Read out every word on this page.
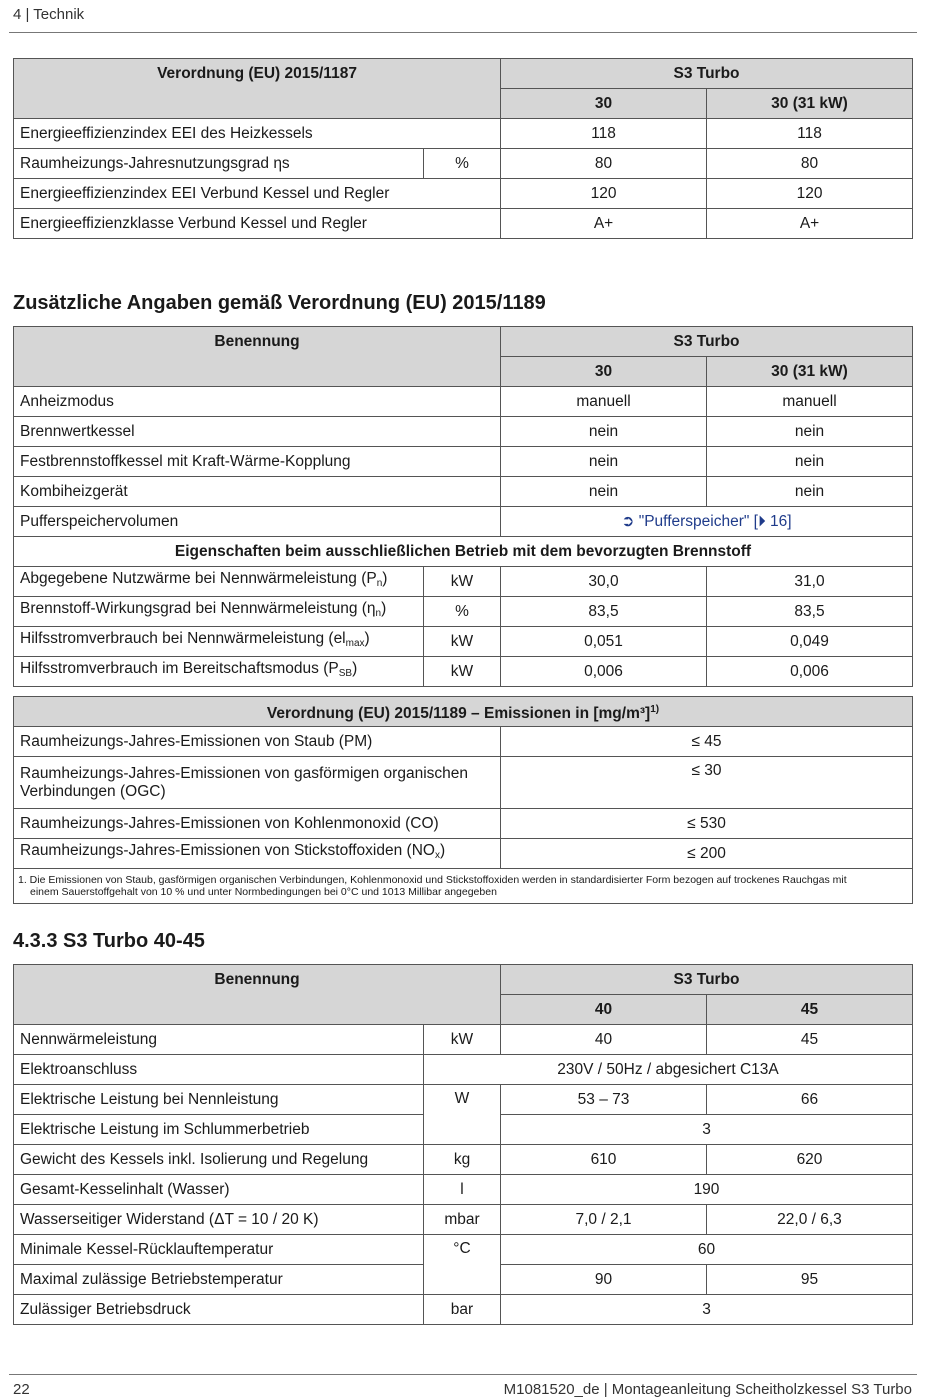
4 | Technik
Verordnung (EU) 2015/1187		S3 Turbo	
		30	30 (31 kW)
Energieeffizienzindex EEI des Heizkessels		118	118
Raumheizungs-Jahresnutzungsgrad ηs	%	80	80
Energieeffizienzindex EEI Verbund Kessel und Regler		120	120
Energieeffizienzklasse Verbund Kessel und Regler		A+	A+
Zusätzliche Angaben gemäß Verordnung (EU) 2015/1189
Benennung		S3 Turbo	
		30	30 (31 kW)
Anheizmodus		manuell	manuell
Brennwertkessel		nein	nein
Festbrennstoffkessel mit Kraft-Wärme-Kopplung		nein	nein
Kombiheizgerät		nein	nein
Pufferspeichervolumen		➲ "Pufferspeicher" [⏵ 16]	
Eigenschaften beim ausschließlichen Betrieb mit dem bevorzugten Brennstoff			
Abgegebene Nutzwärme bei Nennwärmeleistung $(P_n)$	kW	30,0	31,0
Brennstoff-Wirkungsgrad bei Nennwärmeleistung $(\eta_n)$	%	83,5	83,5
Hilfsstromverbrauch bei Nennwärmeleistung $(el_{max})$	kW	0,051	0,049
Hilfsstromverbrauch im Bereitschaftsmodus $(P_{SB})$	kW	0,006	0,006
Verordnung (EU) 2015/1189 – Emissionen in $[mg/m^3]^{1)}$
Raumheizungs-Jahres-Emissionen von Staub (PM)	≤ 45
Raumheizungs-Jahres-Emissionen von gasförmigen organischen Verbindungen (OGC)	≤ 30
Raumheizungs-Jahres-Emissionen von Kohlenmonoxid (CO)	≤ 530
Raumheizungs-Jahres-Emissionen von Stickstoffoxiden $(NO_x)$	≤ 200

1. Die Emissionen von Staub, gasförmigen organischen Verbindungen, Kohlenmonoxid und Stickstoffoxiden werden in standardisierter Form bezogen auf trockenes Rauchgas mit
einem Sauerstoffgehalt von 10 % und unter Normbedingungen bei 0°C und 1013 Millibar angegeben	
4.3.3 S3 Turbo 40-45
Benennung		S3 Turbo	
		40	45
Nennwärmeleistung	kW	40	45
Elektroanschluss	230V / 50Hz / abgesichert C13A		
Elektrische Leistung bei Nennleistung	W	53 – 73	66
Elektrische Leistung im Schlummerbetrieb		3	
Gewicht des Kessels inkl. Isolierung und Regelung	kg	610	620
Gesamt-Kesselinhalt (Wasser)	l	190	
Wasserseitiger Widerstand (ΔT = 10 / 20 K)	mbar	7,0 / 2,1	22,0 / 6,3
Minimale Kessel-Rücklauftemperatur	°C	60	
Maximal zulässige Betriebstemperatur		90	95
Zulässiger Betriebsdruck	bar	3	
22	M1081520_de | Montageanleitung Scheitholzkessel S3 Turbo
